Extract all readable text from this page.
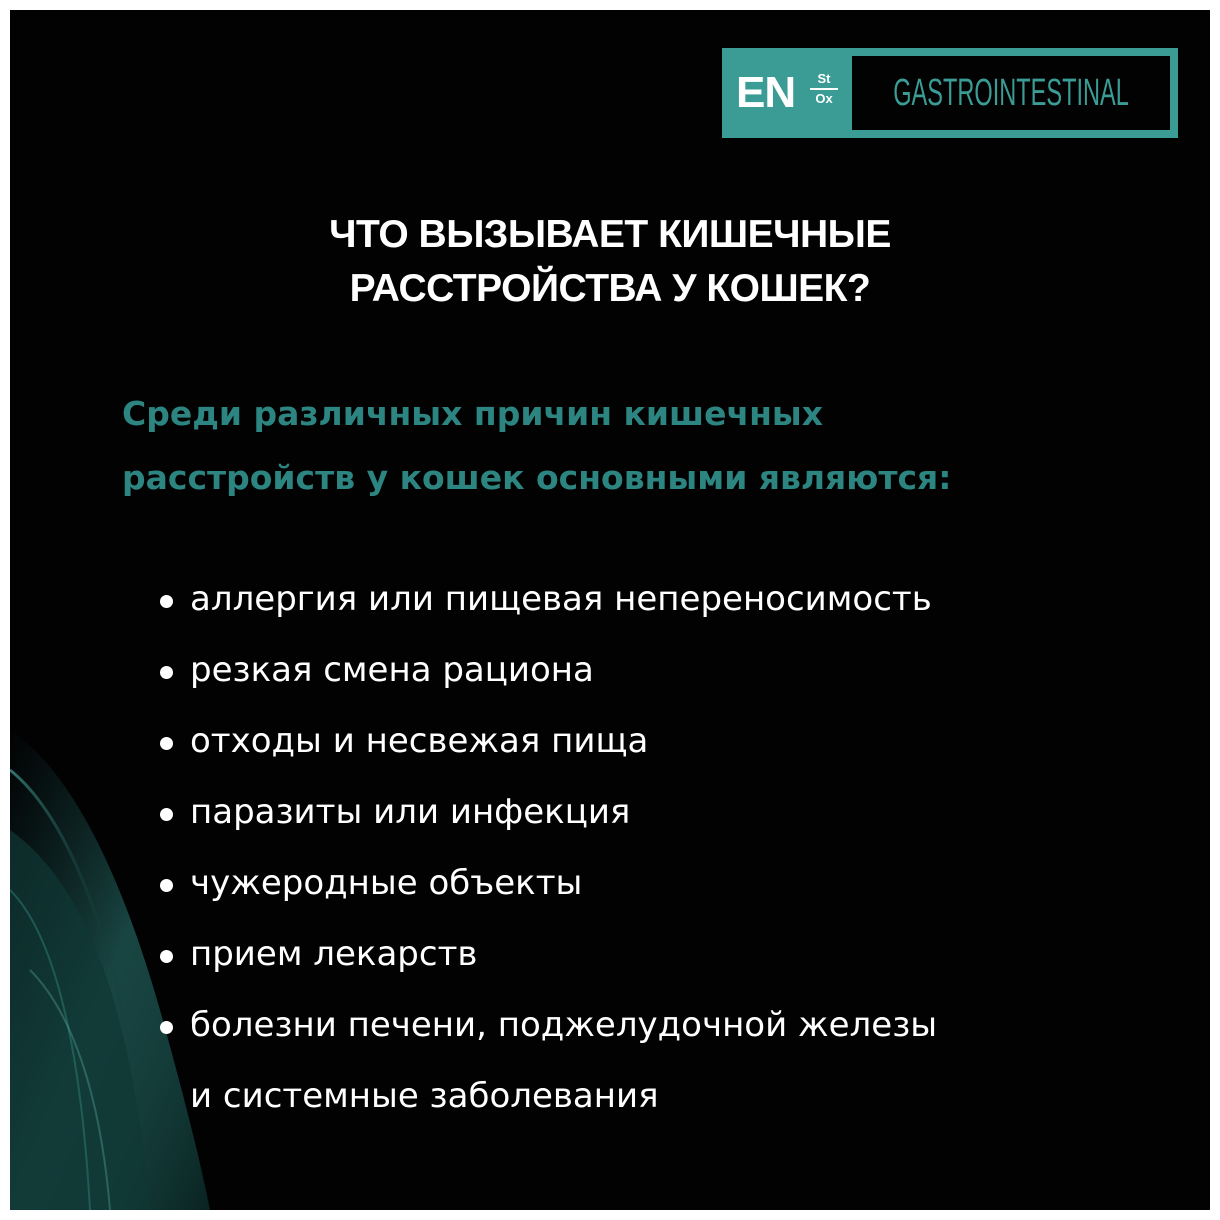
EN	St
Ox GASTROINTESTINAL
ЧТО ВЫЗЫВАЕТ КИШЕЧНЫЕ
РАССТРОЙСТВА У КОШЕК?
Среди различных причин кишечных
расстройств у кошек основными являются:
аллергия или пищевая непереносимость
резкая смена рациона
отходы и несвежая пища
паразиты или инфекция
чужеродные объекты
прием лекарств
болезни печени, поджелудочной железы
и системные заболевания
